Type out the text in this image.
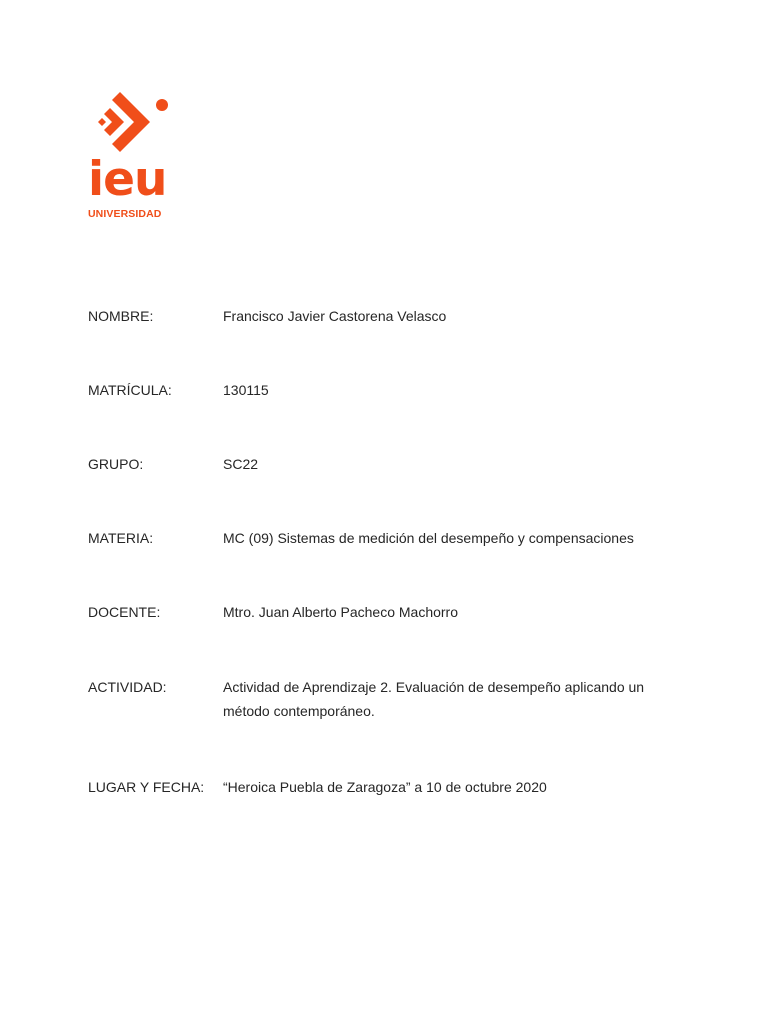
ieu
UNIVERSIDAD
NOMBRE:	Francisco Javier Castorena Velasco
MATRÍCULA:	130115
GRUPO:	SC22
MATERIA:	MC (09) Sistemas de medición del desempeño y compensaciones
DOCENTE:	Mtro. Juan Alberto Pacheco Machorro
ACTIVIDAD:	Actividad de Aprendizaje 2. Evaluación de desempeño aplicando un método contemporáneo.
LUGAR Y FECHA: “Heroica Puebla de Zaragoza” a 10 de octubre 2020
